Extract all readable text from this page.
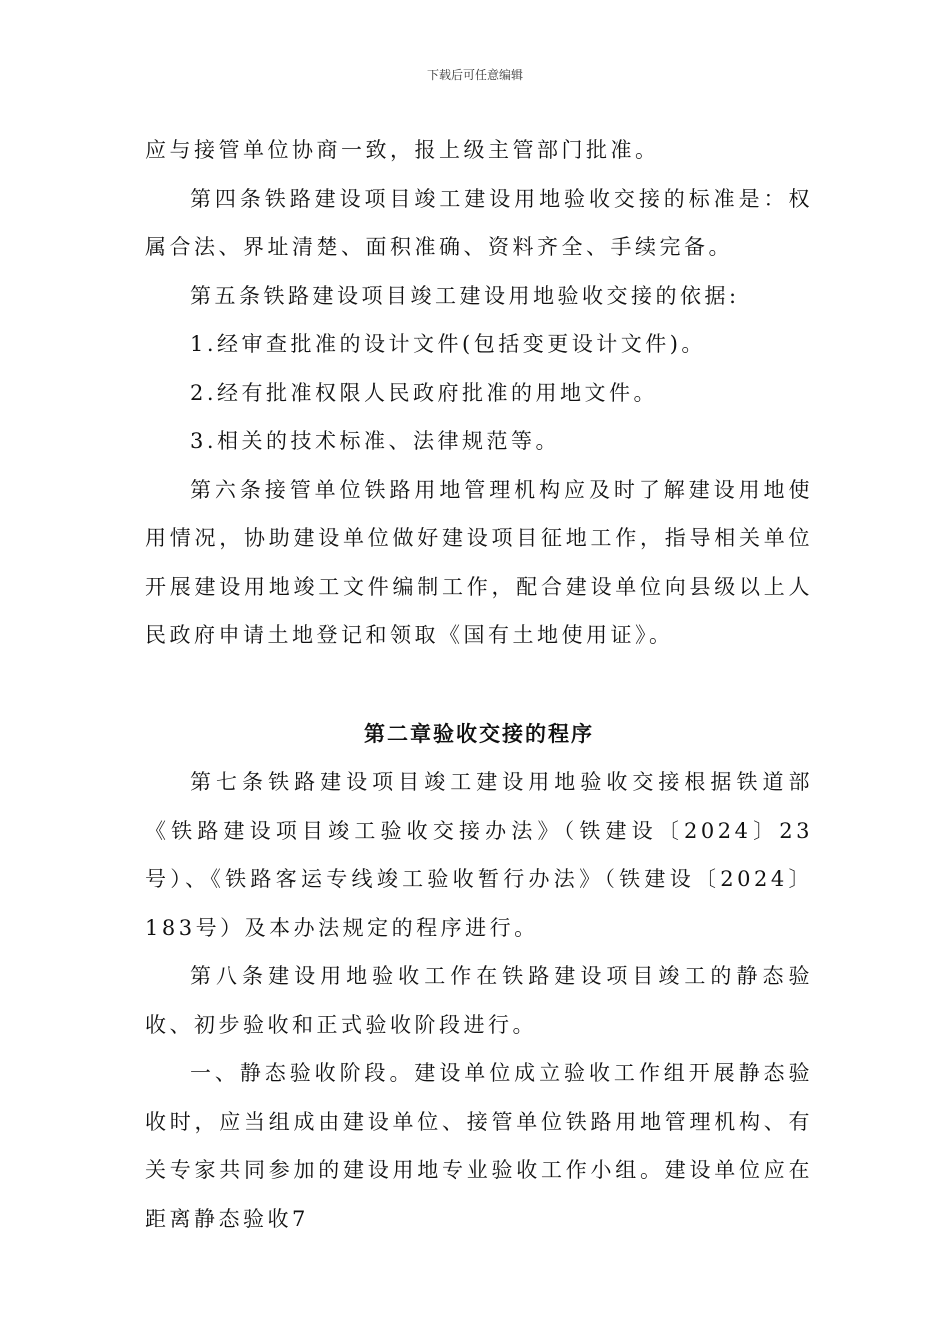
下载后可任意编辑

应与接管单位协商一致，报上级主管部门批准。

第四条铁路建设项目竣工建设用地验收交接的标准是：权属合法、界址清楚、面积准确、资料齐全、手续完备。

第五条铁路建设项目竣工建设用地验收交接的依据:

1.经审查批准的设计文件(包括变更设计文件)。

2.经有批准权限人民政府批准的用地文件。

3.相关的技术标准、法律规范等。

第六条接管单位铁路用地管理机构应及时了解建设用地使用情况，协助建设单位做好建设项目征地工作，指导相关单位开展建设用地竣工文件编制工作，配合建设单位向县级以上人民政府申请土地登记和领取《国有土地使用证》。

第二章验收交接的程序

第七条铁路建设项目竣工建设用地验收交接根据铁道部《铁路建设项目竣工验收交接办法》（铁建设〔2024〕23号）、《铁路客运专线竣工验收暂行办法》（铁建设〔2024〕183号）及本办法规定的程序进行。

第八条建设用地验收工作在铁路建设项目竣工的静态验收、初步验收和正式验收阶段进行。

一、静态验收阶段。建设单位成立验收工作组开展静态验收时，应当组成由建设单位、接管单位铁路用地管理机构、有关专家共同参加的建设用地专业验收工作小组。建设单位应在距离静态验收7
